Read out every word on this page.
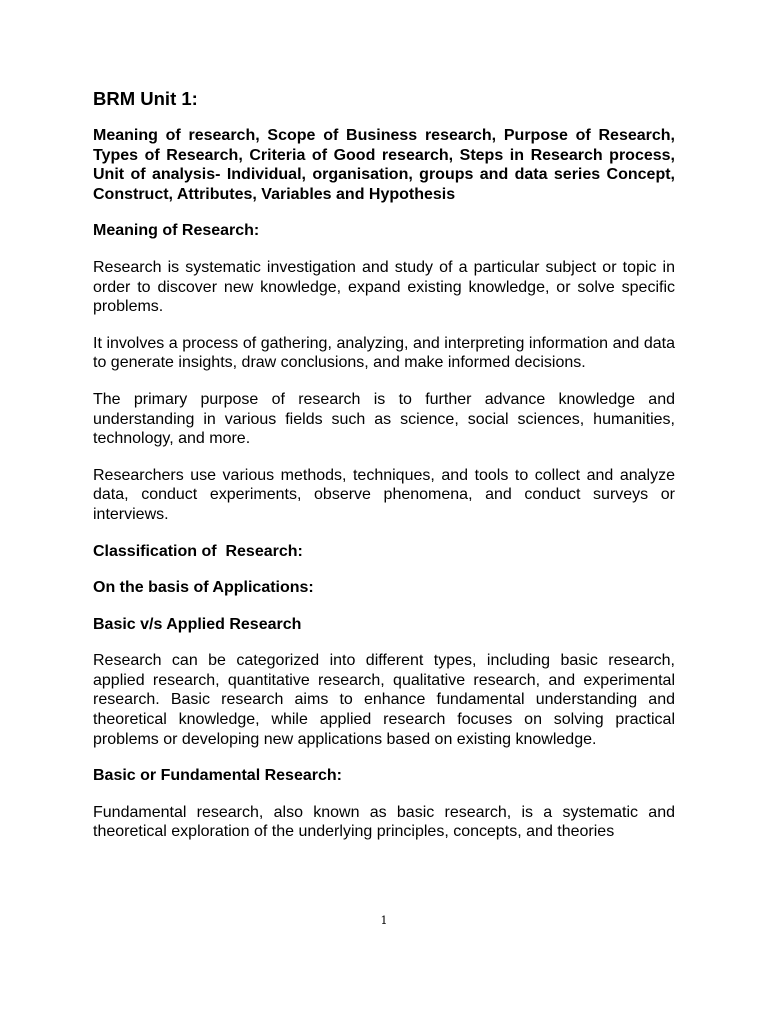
BRM Unit 1:
Meaning of research, Scope of Business research, Purpose of Research, Types of Research, Criteria of Good research, Steps in Research process, Unit of analysis- Individual, organisation, groups and data series Concept, Construct, Attributes, Variables and Hypothesis
Meaning of Research:

Research is systematic investigation and study of a particular subject or topic in order to discover new knowledge, expand existing knowledge, or solve specific problems.

It involves a process of gathering, analyzing, and interpreting information and data to generate insights, draw conclusions, and make informed decisions.

The primary purpose of research is to further advance knowledge and understanding in various fields such as science, social sciences, humanities, technology, and more.

Researchers use various methods, techniques, and tools to collect and analyze data, conduct experiments, observe phenomena, and conduct surveys or interviews.

Classification of  Research:
On the basis of Applications:
Basic v/s Applied Research

Research can be categorized into different types, including basic research, applied research, quantitative research, qualitative research, and experimental research. Basic research aims to enhance fundamental understanding and theoretical knowledge, while applied research focuses on solving practical problems or developing new applications based on existing knowledge.

Basic or Fundamental Research:

Fundamental research, also known as basic research, is a systematic and theoretical exploration of the underlying principles, concepts, and theories

1
